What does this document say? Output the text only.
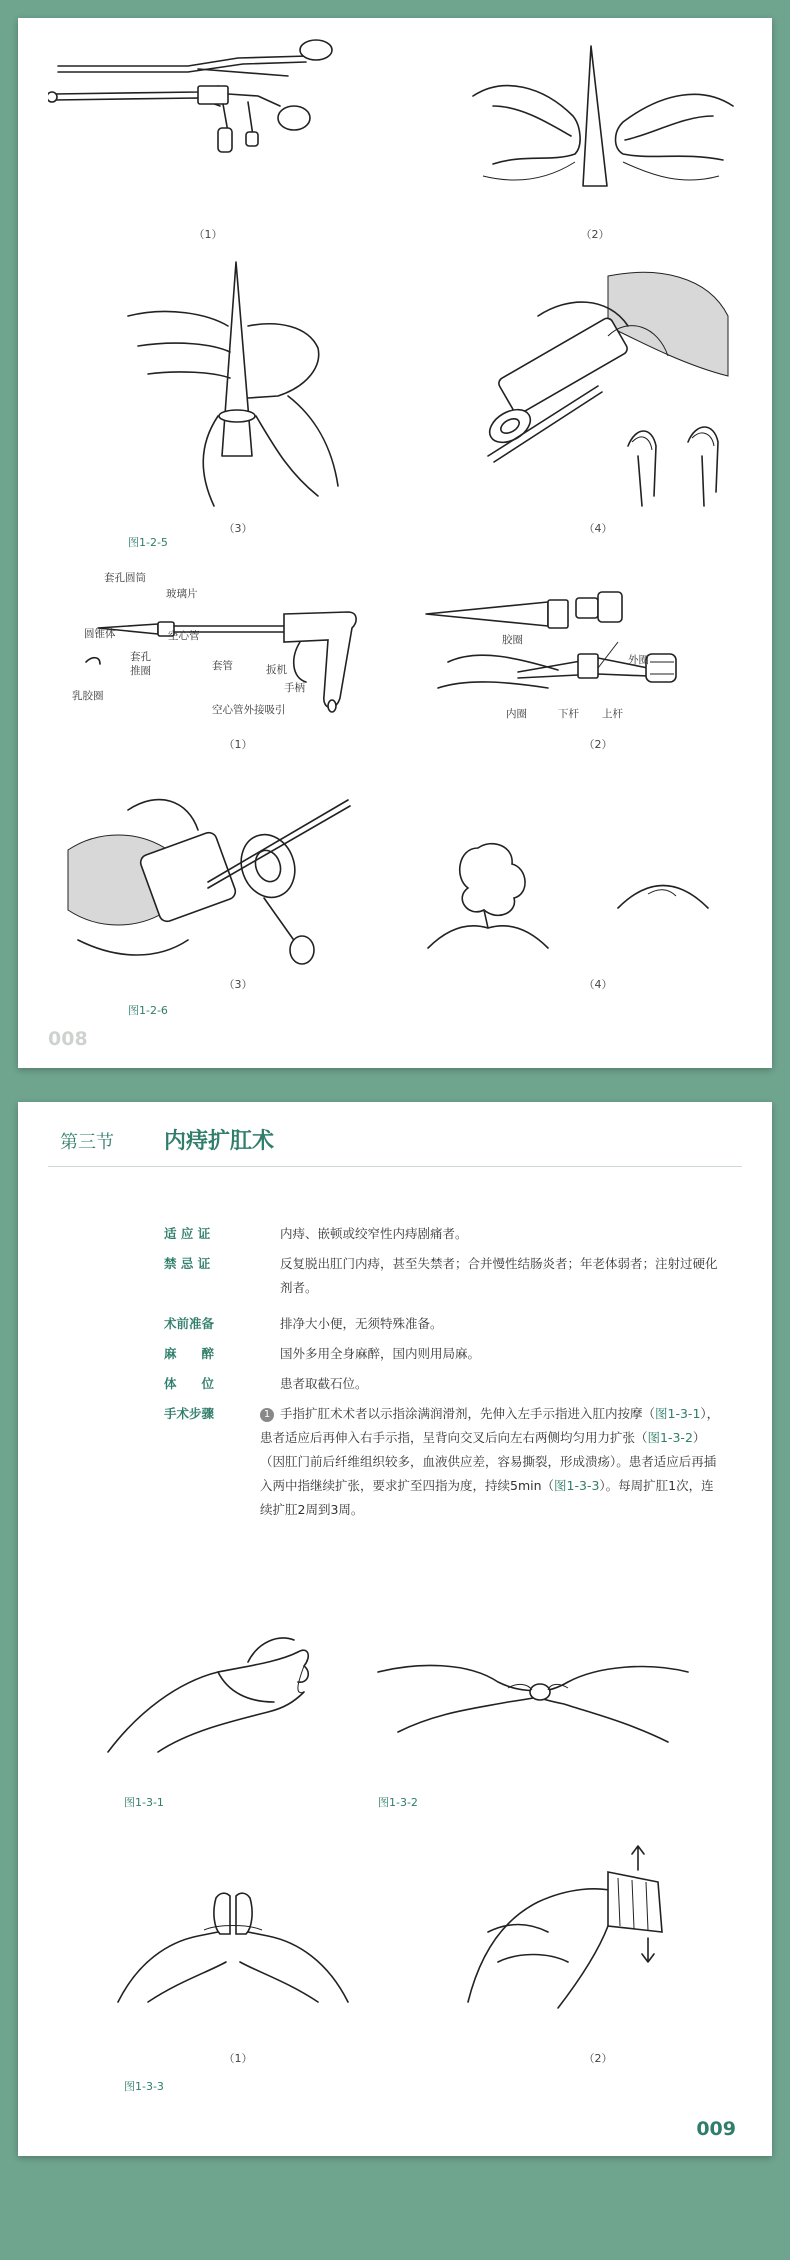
（1）	（2）
（3）	（4）
图1-2-5
套孔圆筒
玻璃片
圆锥体	空心管
套孔推圈	套管	扳机
手柄
空心管外接吸引
乳胶圈
（1）
胶圈
外圈
内圈	下杆 上杆
（2）
（3）	（4）
图1-2-6
008
第三节 内痔扩肛术
适 应 证	内痔、嵌顿或绞窄性内痔剧痛者。
禁 忌 证	反复脱出肛门内痔，甚至失禁者；合并慢性结肠炎者；年老体弱者；注射过硬化剂者。
术前准备	排净大小便，无须特殊准备。
麻　　醉	国外多用全身麻醉，国内则用局麻。
体　　位	患者取截石位。
手术步骤	1 手指扩肛术术者以示指涂满润滑剂，先伸入左手示指进入肛内按摩（图1-3-1），患者适应后再伸入右手示指，呈背向交叉后向左右两侧均匀用力扩张（图1-3-2）（因肛门前后纤维组织较多，血液供应差，容易撕裂，形成溃疡）。患者适应后再插入两中指继续扩张，要求扩至四指为度，持续5min（图1-3-3）。每周扩肛1次，连续扩肛2周到3周。
图1-3-1	图1-3-2
（1）	（2）
图1-3-3
009
